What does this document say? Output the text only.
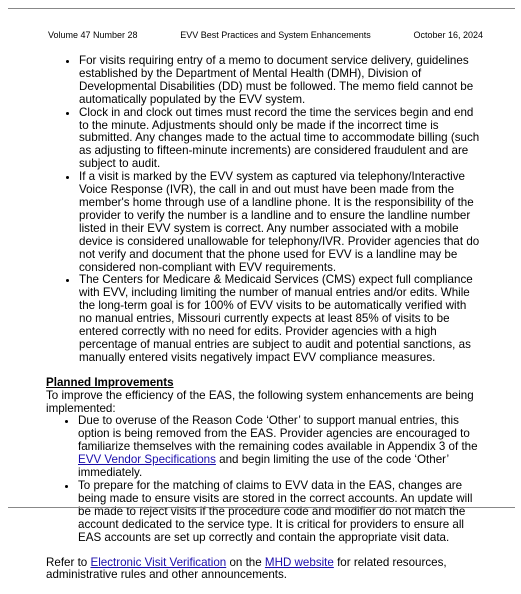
Volume 47 Number 28	EVV Best Practices and System Enhancements	October 16, 2024
• For visits requiring entry of a memo to document service delivery, guidelines established by the Department of Mental Health (DMH), Division of Developmental Disabilities (DD) must be followed. The memo field cannot be automatically populated by the EVV system.
• Clock in and clock out times must record the time the services begin and end to the minute. Adjustments should only be made if the incorrect time is submitted. Any changes made to the actual time to accommodate billing (such as adjusting to fifteen-minute increments) are considered fraudulent and are subject to audit.
• If a visit is marked by the EVV system as captured via telephony/Interactive Voice Response (IVR), the call in and out must have been made from the member's home through use of a landline phone. It is the responsibility of the provider to verify the number is a landline and to ensure the landline number listed in their EVV system is correct. Any number associated with a mobile device is considered unallowable for telephony/IVR. Provider agencies that do not verify and document that the phone used for EVV is a landline may be considered non-compliant with EVV requirements.
• The Centers for Medicare & Medicaid Services (CMS) expect full compliance with EVV, including limiting the number of manual entries and/or edits. While the long-term goal is for 100% of EVV visits to be automatically verified with no manual entries, Missouri currently expects at least 85% of visits to be entered correctly with no need for edits. Provider agencies with a high percentage of manual entries are subject to audit and potential sanctions, as manually entered visits negatively impact EVV compliance measures.
Planned Improvements

To improve the efficiency of the EAS, the following system enhancements are being implemented:

• Due to overuse of the Reason Code ‘Other’ to support manual entries, this option is being removed from the EAS. Provider agencies are encouraged to familiarize themselves with the remaining codes available in Appendix 3 of the EVV Vendor Specifications and begin limiting the use of the code ‘Other’ immediately.
• To prepare for the matching of claims to EVV data in the EAS, changes are being made to ensure visits are stored in the correct accounts. An update will be made to reject visits if the procedure code and modifier do not match the account dedicated to the service type. It is critical for providers to ensure all EAS accounts are set up correctly and contain the appropriate visit data.

Refer to Electronic Visit Verification on the MHD website for related resources, administrative rules and other announcements.
